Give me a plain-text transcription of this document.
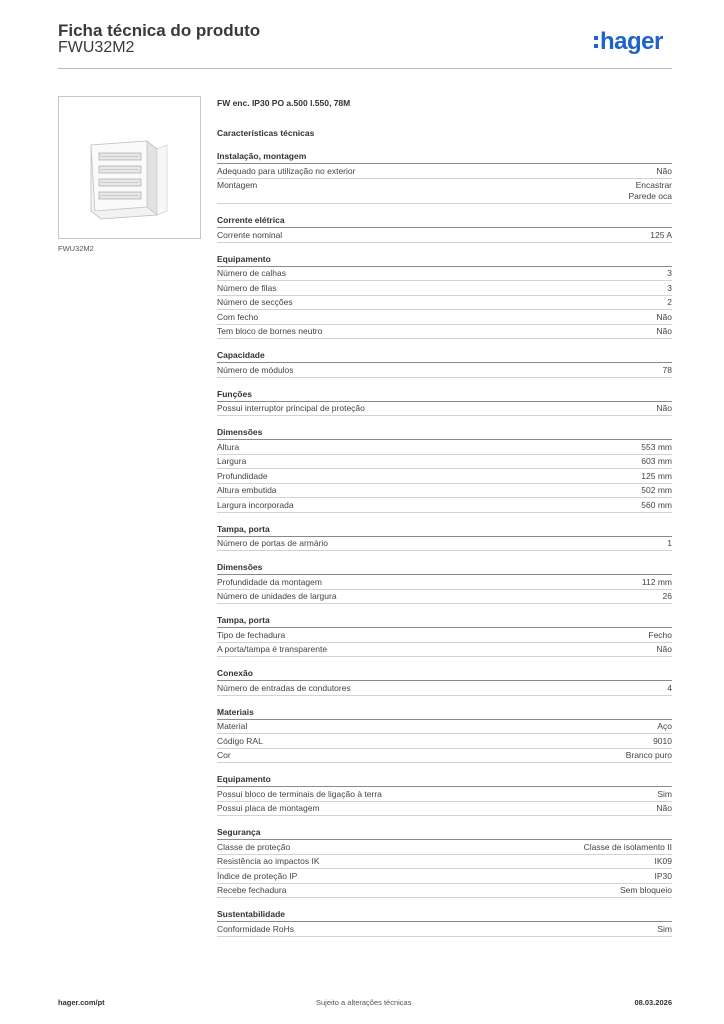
Ficha técnica do produto
FWU32M2	hager
FWU32M2
FW enc. IP30 PO a.500 l.550, 78M
Características técnicas
Instalação, montagem
Adequado para utilização no exterior	Não
Montagem	Encastrar
Parede oca
Corrente elétrica
Corrente nominal	125 A
Equipamento
Número de calhas	3
Número de filas	3
Número de secções	2
Com fecho	Não
Tem bloco de bornes neutro	Não
Capacidade
Número de módulos	78
Funções
Possui interruptor principal de proteção	Não
Dimensões
Altura	553 mm
Largura	603 mm
Profundidade	125 mm
Altura embutida	502 mm
Largura incorporada	560 mm
Tampa, porta
Número de portas de armário	1
Dimensões
Profundidade da montagem	112 mm
Número de unidades de largura	26
Tampa, porta
Tipo de fechadura	Fecho
A porta/tampa é transparente	Não
Conexão
Número de entradas de condutores	4
Materiais
Material	Aço
Código RAL	9010
Cor	Branco puro
Equipamento
Possui bloco de terminais de ligação à terra	Sim
Possui placa de montagem	Não
Segurança
Classe de proteção	Classe de isolamento II
Resistência ao impactos IK	IK09
Índice de proteção IP	IP30
Recebe fechadura	Sem bloqueio
Sustentabilidade
Conformidade RoHs	Sim
hager.com/pt	Sujeito a alterações técnicas	08.03.2026
